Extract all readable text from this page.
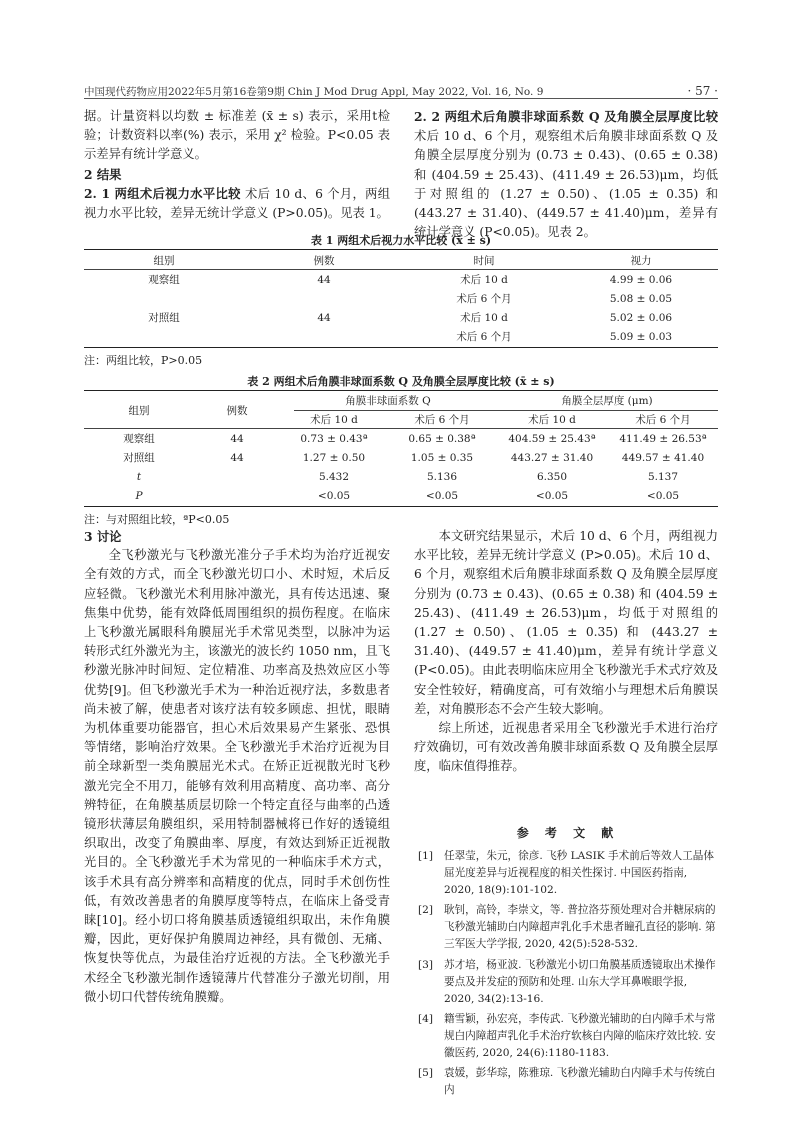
中国现代药物应用2022年5月第16卷第9期 Chin J Mod Drug Appl, May 2022, Vol. 16, No. 9	· 57 ·

据。计量资料以均数 ± 标准差 (x̄ ± s) 表示，采用t检验；计数资料以率(%) 表示，采用 χ² 检验。P<0.05 表示差异有统计学意义。

2 结果

2. 1 两组术后视力水平比较 术后 10 d、6 个月，两组视力水平比较，差异无统计学意义 (P>0.05)。见表 1。

2. 2 两组术后角膜非球面系数 Q 及角膜全层厚度比较 术后 10 d、6 个月，观察组术后角膜非球面系数 Q 及角膜全层厚度分别为 (0.73 ± 0.43)、(0.65 ± 0.38) 和 (404.59 ± 25.43)、(411.49 ± 26.53)μm，均低于对照组的 (1.27 ± 0.50)、(1.05 ± 0.35) 和 (443.27 ± 31.40)、(449.57 ± 41.40)μm，差异有统计学意义 (P<0.05)。见表 2。

表 1 两组术后视力水平比较 (x̄ ± s)
组别	例数	时间	视力
观察组	44	术后 10 d	4.99 ± 0.06
		术后 6 个月	5.08 ± 0.05
对照组	44	术后 10 d	5.02 ± 0.06
		术后 6 个月	5.09 ± 0.03
注：两组比较，P>0.05
表 2 两组术后角膜非球面系数 Q 及角膜全层厚度比较 (x̄ ± s)
组别	例数	角膜非球面系数 Q		角膜全层厚度 (μm)	
		术后 10 d	术后 6 个月	术后 10 d	术后 6 个月
观察组	44	0.73 ± 0.43ª	0.65 ± 0.38ª	404.59 ± 25.43ª	411.49 ± 26.53ª
对照组	44	1.27 ± 0.50	1.05 ± 0.35	443.27 ± 31.40	449.57 ± 41.40
t		5.432	5.136	6.350	5.137
P		<0.05	<0.05	<0.05	<0.05
注：与对照组比较，ªP<0.05

3 讨论

全飞秒激光与飞秒激光准分子手术均为治疗近视安全有效的方式，而全飞秒激光切口小、术时短，术后反应轻微。飞秒激光术利用脉冲激光，具有传达迅速、聚焦集中优势，能有效降低周围组织的损伤程度。在临床上飞秒激光属眼科角膜屈光手术常见类型，以脉冲为运转形式红外激光为主，该激光的波长约 1050 nm，且飞秒激光脉冲时间短、定位精准、功率高及热效应区小等优势[9]。但飞秒激光手术为一种治近视疗法，多数患者尚未被了解，使患者对该疗法有较多顾虑、担忧，眼睛为机体重要功能器官，担心术后效果易产生紧张、恐惧等情绪，影响治疗效果。全飞秒激光手术治疗近视为目前全球新型一类角膜屈光术式。在矫正近视散光时飞秒激光完全不用刀，能够有效利用高精度、高功率、高分辨特征，在角膜基质层切除一个特定直径与曲率的凸透镜形状薄层角膜组织，采用特制器械将已作好的透镜组织取出，改变了角膜曲率、厚度，有效达到矫正近视散光目的。全飞秒激光手术为常见的一种临床手术方式，该手术具有高分辨率和高精度的优点，同时手术创伤性低，有效改善患者的角膜厚度等特点，在临床上备受青睐[10]。经小切口将角膜基质透镜组织取出，未作角膜瓣，因此，更好保护角膜周边神经，具有微创、无痛、恢复快等优点，为最佳治疗近视的方法。全飞秒激光手术经全飞秒激光制作透镜薄片代替准分子激光切削，用微小切口代替传统角膜瓣。

本文研究结果显示，术后 10 d、6 个月，两组视力水平比较，差异无统计学意义 (P>0.05)。术后 10 d、6 个月，观察组术后角膜非球面系数 Q 及角膜全层厚度分别为 (0.73 ± 0.43)、(0.65 ± 0.38) 和 (404.59 ± 25.43)、(411.49 ± 26.53)μm，均低于对照组的 (1.27 ± 0.50)、(1.05 ± 0.35) 和 (443.27 ± 31.40)、(449.57 ± 41.40)μm，差异有统计学意义 (P<0.05)。由此表明临床应用全飞秒激光手术式疗效及安全性较好，精确度高，可有效缩小与理想术后角膜误差，对角膜形态不会产生较大影响。

综上所述，近视患者采用全飞秒激光手术进行治疗疗效确切，可有效改善角膜非球面系数 Q 及角膜全层厚度，临床值得推荐。

参 考 文 献
[1] 任翠莹，朱元，徐彦. 飞秒 LASIK 手术前后等效人工晶体屈光度差异与近视程度的相关性探讨. 中国医药指南, 2020, 18(9):101-102.
[2] 耿钊，高铃，李崇文，等. 普拉洛芬预处理对合并糖尿病的飞秒激光辅助白内障超声乳化手术患者瞳孔直径的影响. 第三军医大学学报, 2020, 42(5):528-532.
[3] 苏才培，杨亚波. 飞秒激光小切口角膜基质透镜取出术操作要点及并发症的预防和处理. 山东大学耳鼻喉眼学报, 2020, 34(2):13-16.
[4] 籍雪颖，孙宏亮，李传武. 飞秒激光辅助的白内障手术与常规白内障超声乳化手术治疗软核白内障的临床疗效比较. 安徽医药, 2020, 24(6):1180-1183.
[5] 袁媛，彭华琮，陈雅琼. 飞秒激光辅助白内障手术与传统白内
